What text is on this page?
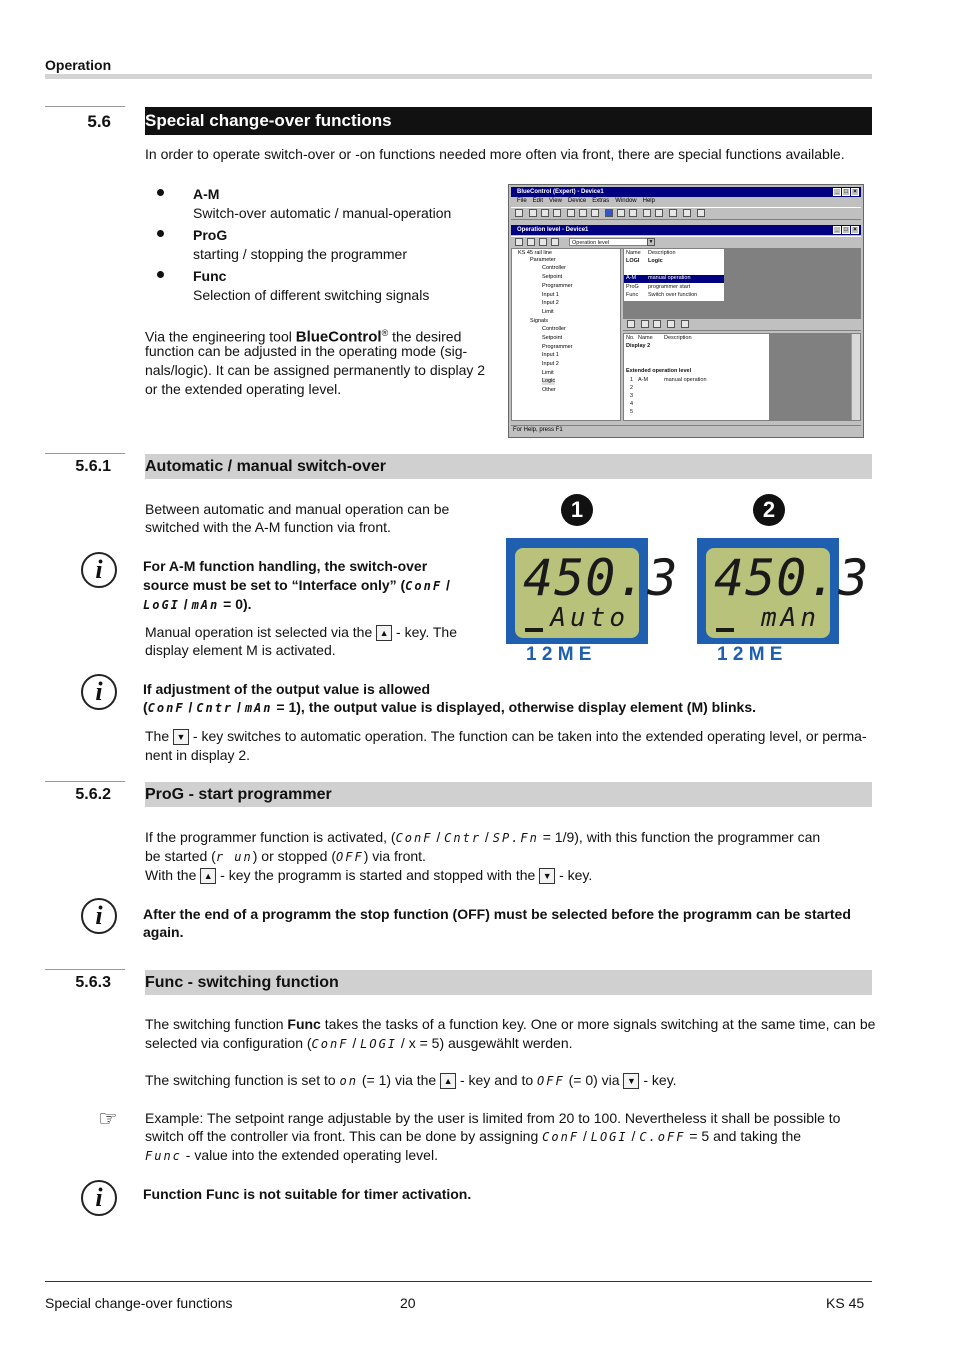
Operation
5.6 Special change-over functions
In order to operate switch-over or -on functions needed more often via front, there are special functions available.
A-M
Switch-over automatic / manual-operation
ProG
starting / stopping the programmer
Func
Selection of different switching signals
Via the engineering tool BlueControl® the desired
function can be adjusted in the operating mode (sig-
nals/logic). It can be assigned permanently to display 2
or the extended operating level.
BlueControl (Expert) - Device1	_ □ ×
File Edit View Device Extras Window Help
Operation level - Device1	_ □ ×
Operation level	▼
KS 45 rail line
Parameter
Controller
Setpoint
Programmer
Input 1
Input 2
Limit
Signals
Controller
Setpoint
Programmer
Input 1
Input 2
Limit
Logic
Other
Name Description
LOGI Logic
A-M manual operation
ProG programmer start
Func Switch over function
No. Name Description
Display 2
Extended operation level
1 A-M	manual operation
2
3
4
5
For Help, press F1
5.6.1 Automatic / manual switch-over
Between automatic and manual operation can be
switched with the A-M function via front.
i	For A-M function handling, the switch-over
source must be set to “Interface only” (ConF /
LoGI / mAn = 0).
Manual operation ist selected via the ▲ - key. The
display element M is activated.
1
450.3
Auto
1 2 M E
2
450.3
mAn
1 2 M E
i	If adjustment of the output value is allowed
(ConF / Cntr / mAn = 1), the output value is displayed, otherwise display element (M) blinks.
The ▼ - key switches to automatic operation. The function can be taken into the extended operating level, or perma-
nent in display 2.
5.6.2 ProG - start programmer
If the programmer function is activated, (ConF / Cntr / SP.Fn = 1/9), with this function the programmer can
be started (r un) or stopped (OFF) via front.
With the ▲ - key the programm is started and stopped with the ▼ - key.
i	After the end of a programm the stop function (OFF) must be selected before the programm can be started
again.
5.6.3 Func - switching function
The switching function Func takes the tasks of a function key. One or more signals switching at the same time, can be
selected via configuration (ConF / LOGI / x = 5) ausgewählt werden.
The switching function is set to on (= 1) via the ▲ - key and to OFF (= 0) via ▼ - key.
☞ Example: The setpoint range adjustable by the user is limited from 20 to 100. Nevertheless it shall be possible to
switch off the controller via front. This can be done by assigning ConF / LOGI / C.oFF = 5 and taking the
Func - value into the extended operating level.
i	Function Func is not suitable for timer activation.
Special change-over functions	20	KS 45
